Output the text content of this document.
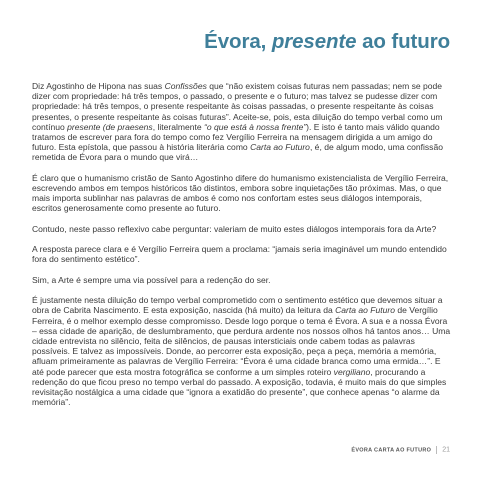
Évora, presente ao futuro

Diz Agostinho de Hipona nas suas Confissões que “não existem coisas futuras nem passadas; nem se pode dizer com propriedade: há três tempos, o passado, o presente e o futuro; mas talvez se pudesse dizer com propriedade: há três tempos, o presente respeitante às coisas passadas, o presente respeitante às coisas presentes, o presente respeitante às coisas futuras”. Aceite-se, pois, esta diluição do tempo verbal como um contínuo presente (de praesens, literalmente “o que está à nossa frente”). E isto é tanto mais válido quando tratamos de escrever para fora do tempo como fez Vergílio Ferreira na mensagem dirigida a um amigo do futuro. Esta epístola, que passou à história literária como Carta ao Futuro, é, de algum modo, uma confissão remetida de Évora para o mundo que virá…

É claro que o humanismo cristão de Santo Agostinho difere do humanismo existencialista de Vergílio Ferreira, escrevendo ambos em tempos históricos tão distintos, embora sobre inquietações tão próximas. Mas, o que mais importa sublinhar nas palavras de ambos é como nos confortam estes seus diálogos intemporais, escritos generosamente como presente ao futuro.

Contudo, neste passo reflexivo cabe perguntar: valeriam de muito estes diálogos intemporais fora da Arte?

A resposta parece clara e é Vergílio Ferreira quem a proclama: “jamais seria imaginável um mundo entendido fora do sentimento estético”.

Sim, a Arte é sempre uma via possível para a redenção do ser.

É justamente nesta diluição do tempo verbal comprometido com o sentimento estético que devemos situar a obra de Cabrita Nascimento. E esta exposição, nascida (há muito) da leitura da Carta ao Futuro de Vergílio Ferreira, é o melhor exemplo desse compromisso. Desde logo porque o tema é Évora. A sua e a nossa Évora – essa cidade de aparição, de deslumbramento, que perdura ardente nos nossos olhos há tantos anos… Uma cidade entrevista no silêncio, feita de silêncios, de pausas intersticiais onde cabem todas as palavras possíveis. E talvez as impossíveis. Donde, ao percorrer esta exposição, peça a peça, memória a memória, afluam primeiramente as palavras de Vergílio Ferreira: “Évora é uma cidade branca como uma ermida…”. E até pode parecer que esta mostra fotográfica se conforme a um simples roteiro vergiliano, procurando a redenção do que ficou preso no tempo verbal do passado. A exposição, todavia, é muito mais do que simples revisitação nostálgica a uma cidade que “ignora a exatidão do presente”, que conhece apenas “o alarme da memória”.

ÉVORA CARTA AO FUTURO 21
